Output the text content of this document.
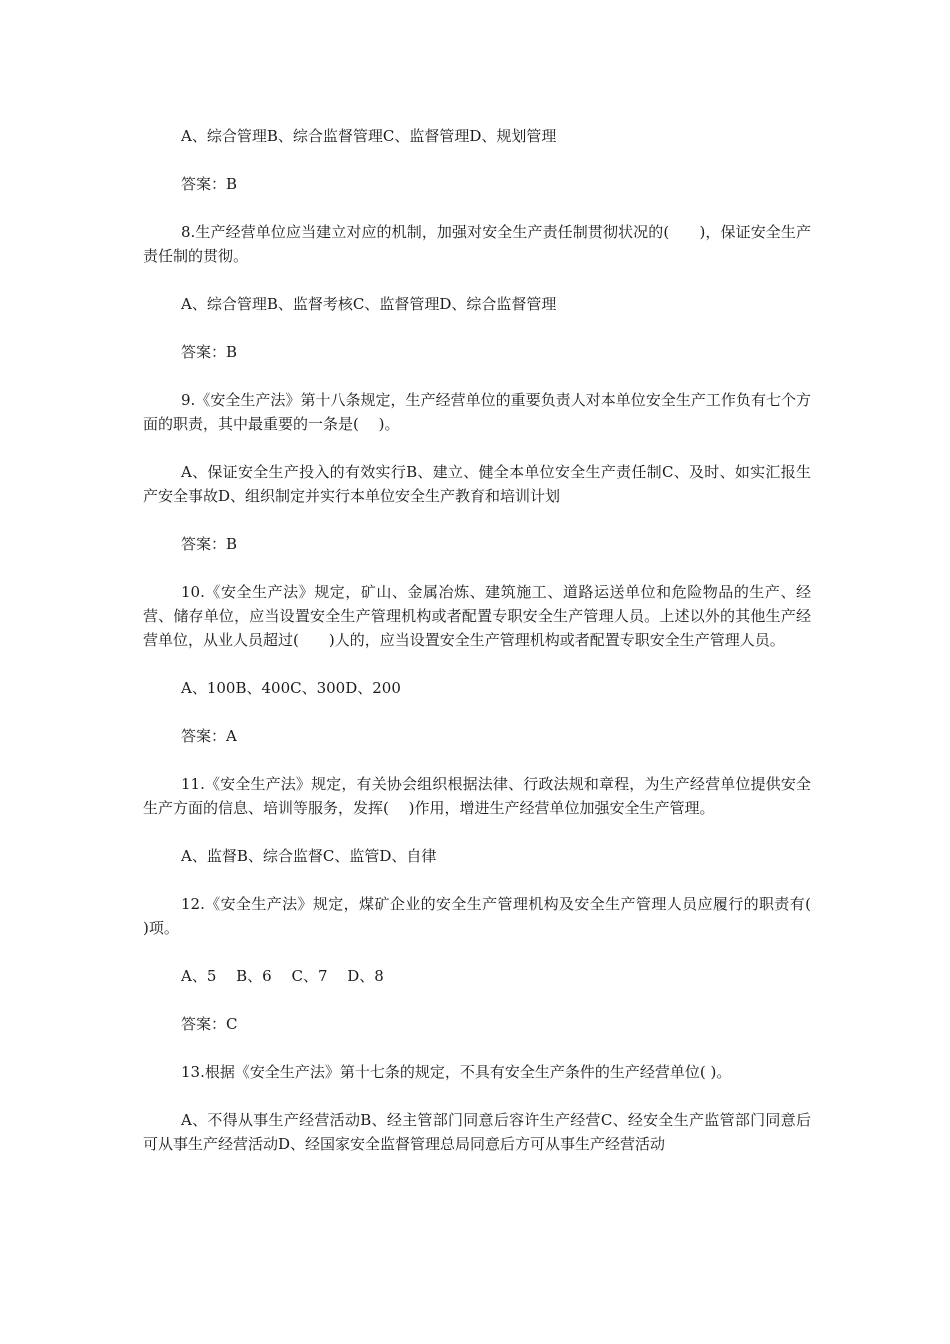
A、综合管理B、综合监督管理C、监督管理D、规划管理

答案：B

8.生产经营单位应当建立对应的机制，加强对安全生产责任制贯彻状况的(　　)，保证安全生产责任制的贯彻。

A、综合管理B、监督考核C、监督管理D、综合监督管理

答案：B

9.《安全生产法》第十八条规定，生产经营单位的重要负责人对本单位安全生产工作负有七个方面的职责，其中最重要的一条是(　 )。

A、保证安全生产投入的有效实行B、建立、健全本单位安全生产责任制C、及时、如实汇报生产安全事故D、组织制定并实行本单位安全生产教育和培训计划

答案：B

10.《安全生产法》规定，矿山、金属冶炼、建筑施工、道路运送单位和危险物品的生产、经营、储存单位，应当设置安全生产管理机构或者配置专职安全生产管理人员。上述以外的其他生产经营单位，从业人员超过(　　)人的，应当设置安全生产管理机构或者配置专职安全生产管理人员。

A、100B、400C、300D、200

答案：A

11.《安全生产法》规定，有关协会组织根据法律、行政法规和章程，为生产经营单位提供安全生产方面的信息、培训等服务，发挥(　 )作用，增进生产经营单位加强安全生产管理。

A、监督B、综合监督C、监管D、自律

12.《安全生产法》规定，煤矿企业的安全生产管理机构及安全生产管理人员应履行的职责有(　 )项。

A、5　 B、6　 C、7　 D、8

答案：C

13.根据《安全生产法》第十七条的规定，不具有安全生产条件的生产经营单位( )。

A、不得从事生产经营活动B、经主管部门同意后容许生产经营C、经安全生产监管部门同意后可从事生产经营活动D、经国家安全监督管理总局同意后方可从事生产经营活动
